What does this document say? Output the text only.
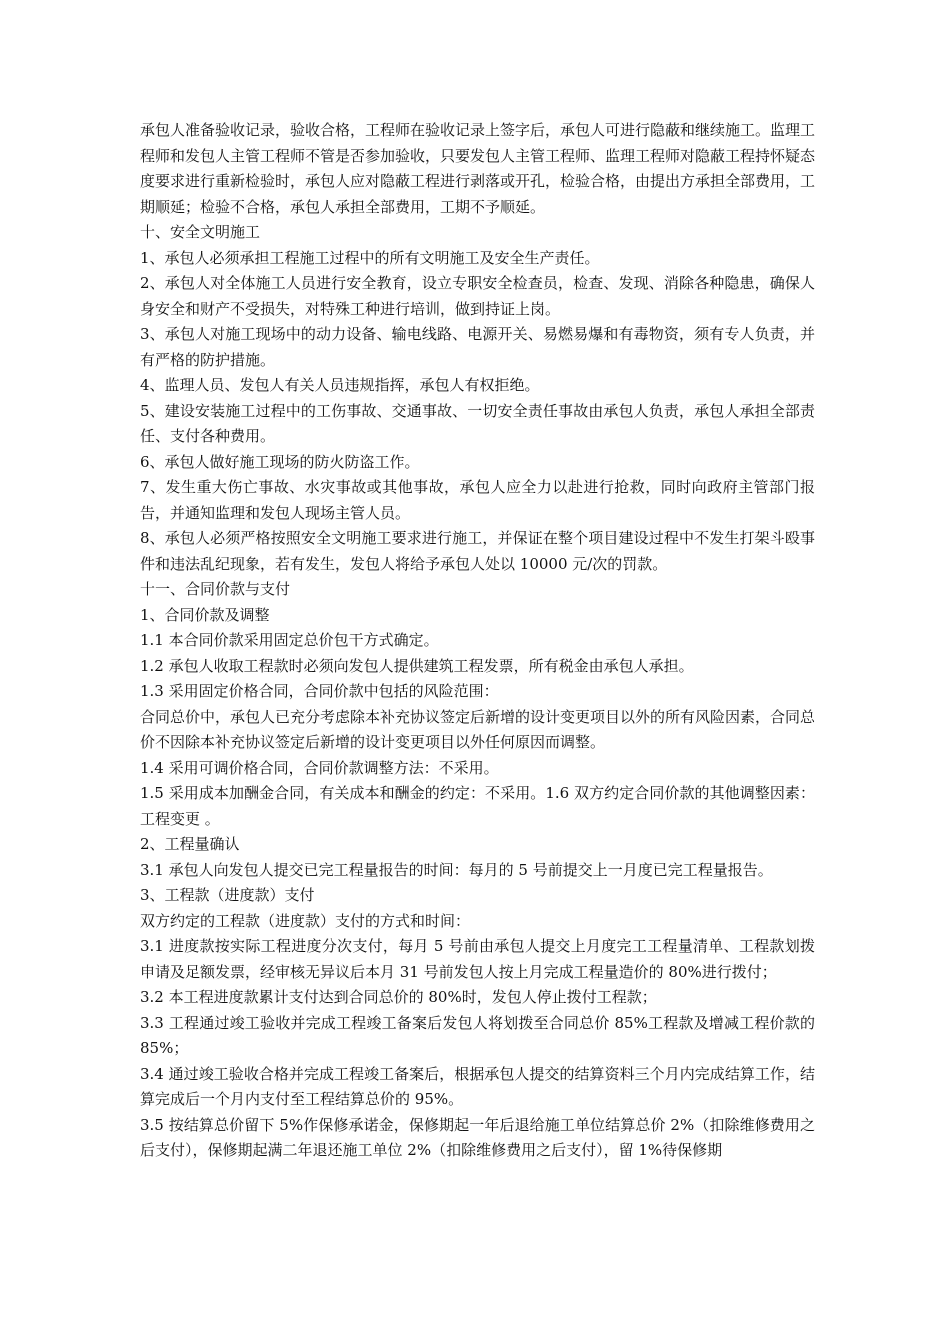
承包人准备验收记录，验收合格，工程师在验收记录上签字后，承包人可进行隐蔽和继续施工。监理工程师和发包人主管工程师不管是否参加验收，只要发包人主管工程师、监理工程师对隐蔽工程持怀疑态度要求进行重新检验时，承包人应对隐蔽工程进行剥落或开孔，检验合格，由提出方承担全部费用，工期顺延；检验不合格，承包人承担全部费用，工期不予顺延。

十、安全文明施工

1、承包人必须承担工程施工过程中的所有文明施工及安全生产责任。

2、承包人对全体施工人员进行安全教育，设立专职安全检查员，检查、发现、消除各种隐患，确保人身安全和财产不受损失，对特殊工种进行培训，做到持证上岗。

3、承包人对施工现场中的动力设备、输电线路、电源开关、易燃易爆和有毒物资，须有专人负责，并有严格的防护措施。

4、监理人员、发包人有关人员违规指挥，承包人有权拒绝。

5、建设安装施工过程中的工伤事故、交通事故、一切安全责任事故由承包人负责，承包人承担全部责任、支付各种费用。

6、承包人做好施工现场的防火防盗工作。

7、发生重大伤亡事故、水灾事故或其他事故，承包人应全力以赴进行抢救，同时向政府主管部门报告，并通知监理和发包人现场主管人员。

8、承包人必须严格按照安全文明施工要求进行施工，并保证在整个项目建设过程中不发生打架斗殴事件和违法乱纪现象，若有发生，发包人将给予承包人处以 10000 元/次的罚款。

十一、合同价款与支付

1、合同价款及调整

1.1 本合同价款采用固定总价包干方式确定。

1.2 承包人收取工程款时必须向发包人提供建筑工程发票，所有税金由承包人承担。

1.3 采用固定价格合同，合同价款中包括的风险范围：

合同总价中，承包人已充分考虑除本补充协议签定后新增的设计变更项目以外的所有风险因素，合同总价不因除本补充协议签定后新增的设计变更项目以外任何原因而调整。

1.4 采用可调价格合同，合同价款调整方法：不采用。

1.5 采用成本加酬金合同，有关成本和酬金的约定：不采用。1.6 双方约定合同价款的其他调整因素： 工程变更 。

2、工程量确认

3.1 承包人向发包人提交已完工程量报告的时间：每月的 5 号前提交上一月度已完工程量报告。

3、工程款（进度款）支付

双方约定的工程款（进度款）支付的方式和时间：

3.1 进度款按实际工程进度分次支付，每月 5 号前由承包人提交上月度完工工程量清单、工程款划拨申请及足额发票，经审核无异议后本月 31 号前发包人按上月完成工程量造价的 80%进行拨付；

3.2 本工程进度款累计支付达到合同总价的 80%时，发包人停止拨付工程款；

3.3 工程通过竣工验收并完成工程竣工备案后发包人将划拨至合同总价 85%工程款及增减工程价款的 85%；

3.4 通过竣工验收合格并完成工程竣工备案后，根据承包人提交的结算资料三个月内完成结算工作，结算完成后一个月内支付至工程结算总价的 95%。

3.5 按结算总价留下 5%作保修承诺金，保修期起一年后退给施工单位结算总价 2%（扣除维修费用之后支付），保修期起满二年退还施工单位 2%（扣除维修费用之后支付），留 1%待保修期
